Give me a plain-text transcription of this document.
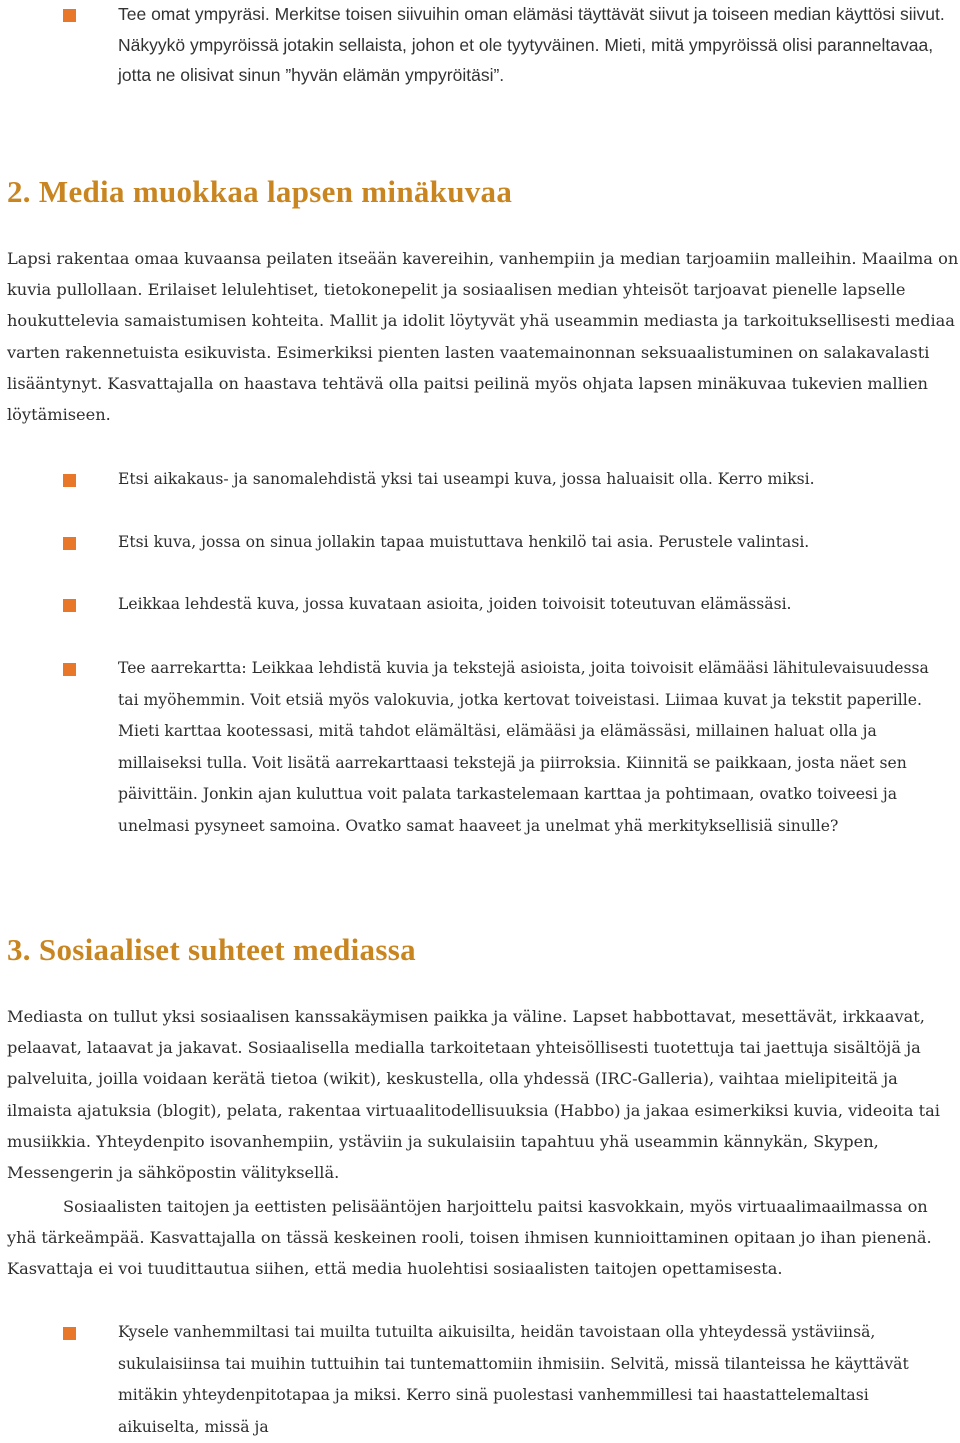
Tee omat ympyräsi. Merkitse toisen siivuihin oman elämäsi täyttävät siivut ja toiseen median käyttösi siivut. Näkyykö ympyröissä jotakin sellaista, johon et ole tyytyväinen. Mieti, mitä ympyröissä olisi paranneltavaa, jotta ne olisivat sinun ”hyvän elämän ympyröitäsi”.
2. Media muokkaa lapsen minäkuvaa

Lapsi rakentaa omaa kuvaansa peilaten itseään kavereihin, vanhempiin ja median tarjoamiin malleihin. Maailma on kuvia pullollaan. Erilaiset lelulehtiset, tietokonepelit ja sosiaalisen median yhteisöt tarjoavat pienelle lapselle houkuttelevia samaistumisen kohteita. Mallit ja idolit löytyvät yhä useammin mediasta ja tarkoituksellisesti mediaa varten rakennetuista esikuvista. Esimerkiksi pienten lasten vaatemainonnan seksuaalistuminen on salakavalasti lisääntynyt. Kasvattajalla on haastava tehtävä olla paitsi peilinä myös ohjata lapsen minäkuvaa tukevien mallien löytämiseen.

Etsi aikakaus- ja sanomalehdistä yksi tai useampi kuva, jossa haluaisit olla. Kerro miksi.
Etsi kuva, jossa on sinua jollakin tapaa muistuttava henkilö tai asia. Perustele valintasi.
Leikkaa lehdestä kuva, jossa kuvataan asioita, joiden toivoisit toteutuvan elämässäsi.
Tee aarrekartta: Leikkaa lehdistä kuvia ja tekstejä asioista, joita toivoisit elämääsi lähitulevaisuudessa tai myöhemmin. Voit etsiä myös valokuvia, jotka kertovat toiveistasi. Liimaa kuvat ja tekstit paperille. Mieti karttaa kootessasi, mitä tahdot elämältäsi, elämääsi ja elämässäsi, millainen haluat olla ja millaiseksi tulla. Voit lisätä aarrekarttaasi tekstejä ja piirroksia. Kiinnitä se paikkaan, josta näet sen päivittäin. Jonkin ajan kuluttua voit palata tarkastelemaan karttaa ja pohtimaan, ovatko toiveesi ja unelmasi pysyneet samoina. Ovatko samat haaveet ja unelmat yhä merkityksellisiä sinulle?
3. Sosiaaliset suhteet mediassa

Mediasta on tullut yksi sosiaalisen kanssakäymisen paikka ja väline. Lapset habbottavat, mesettävät, irkkaavat, pelaavat, lataavat ja jakavat. Sosiaalisella medialla tarkoitetaan yhteisöllisesti tuotettuja tai jaettuja sisältöjä ja palveluita, joilla voidaan kerätä tietoa (wikit), keskustella, olla yhdessä (IRC-Galleria), vaihtaa mielipiteitä ja ilmaista ajatuksia (blogit), pelata, rakentaa virtuaalitodellisuuksia (Habbo) ja jakaa esimerkiksi kuvia, videoita tai musiikkia. Yhteydenpito isovanhempiin, ystäviin ja sukulaisiin tapahtuu yhä useammin kännykän, Skypen, Messengerin ja sähköpostin välityksellä.

Sosiaalisten taitojen ja eettisten pelisääntöjen harjoittelu paitsi kasvokkain, myös virtuaalimaailmassa on yhä tärkeämpää. Kasvattajalla on tässä keskeinen rooli, toisen ihmisen kunnioittaminen opitaan jo ihan pienenä. Kasvattaja ei voi tuudittautua siihen, että media huolehtisi sosiaalisten taitojen opettamisesta.

Kysele vanhemmiltasi tai muilta tutuilta aikuisilta, heidän tavoistaan olla yhteydessä ystäviinsä, sukulaisiinsa tai muihin tuttuihin tai tuntemattomiin ihmisiin. Selvitä, missä tilanteissa he käyttävät mitäkin yhteydenpitotapaa ja miksi. Kerro sinä puolestasi vanhemmillesi tai haastattelemaltasi aikuiselta, missä ja
